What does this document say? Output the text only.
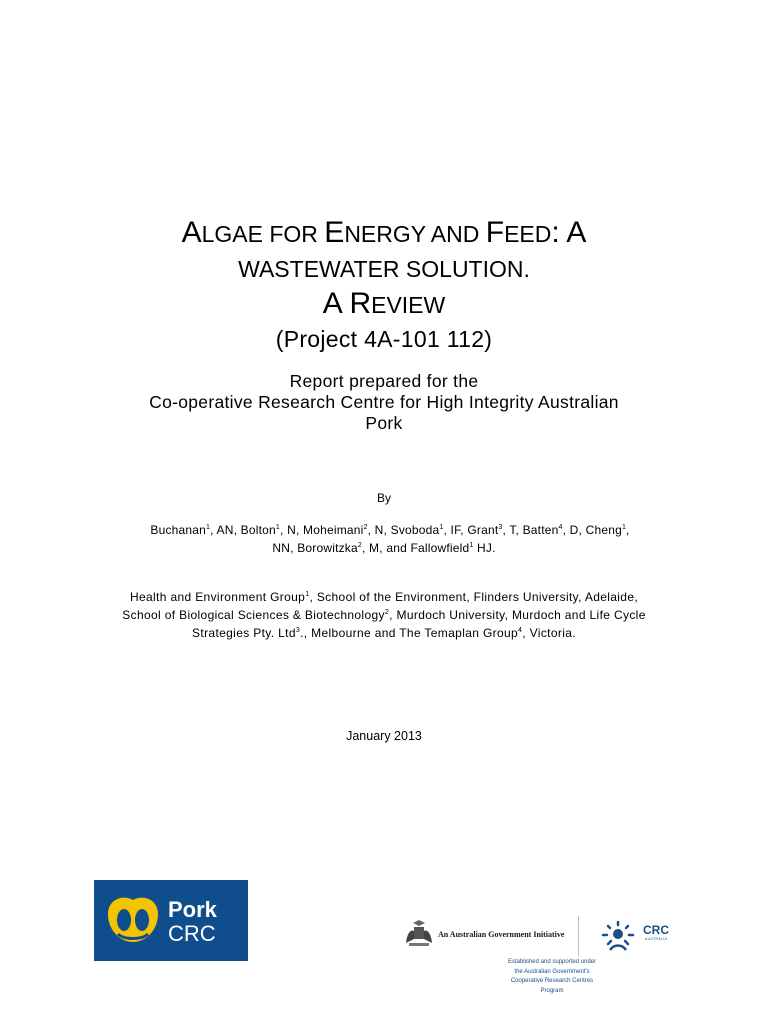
ALGAE FOR ENERGY AND FEED: A
WASTEWATER SOLUTION.
A REVIEW
(Project 4A-101 112)
Report prepared for the
Co-operative Research Centre for High Integrity Australian
Pork
By
Buchanan$^1$, AN, Bolton$^1$, N, Moheimani$^2$, N, Svoboda$^1$, IF, Grant$^3$, T, Batten$^4$, D, Cheng$^1$,
NN, Borowitzka$^2$, M, and Fallowfield$^1$ HJ.
Health and Environment Group$^1$, School of the Environment, Flinders University, Adelaide,
School of Biological Sciences & Biotechnology$^2$, Murdoch University, Murdoch and Life Cycle
Strategies Pty. Ltd$^3$., Melbourne and The Temaplan Group$^4$, Victoria.
January 2013
Pork
CRC	An Australian Government Initiative	CRC
AUSTRALIA
Established and supported under
the Australian Government's
Cooperative Research Centres
Program
